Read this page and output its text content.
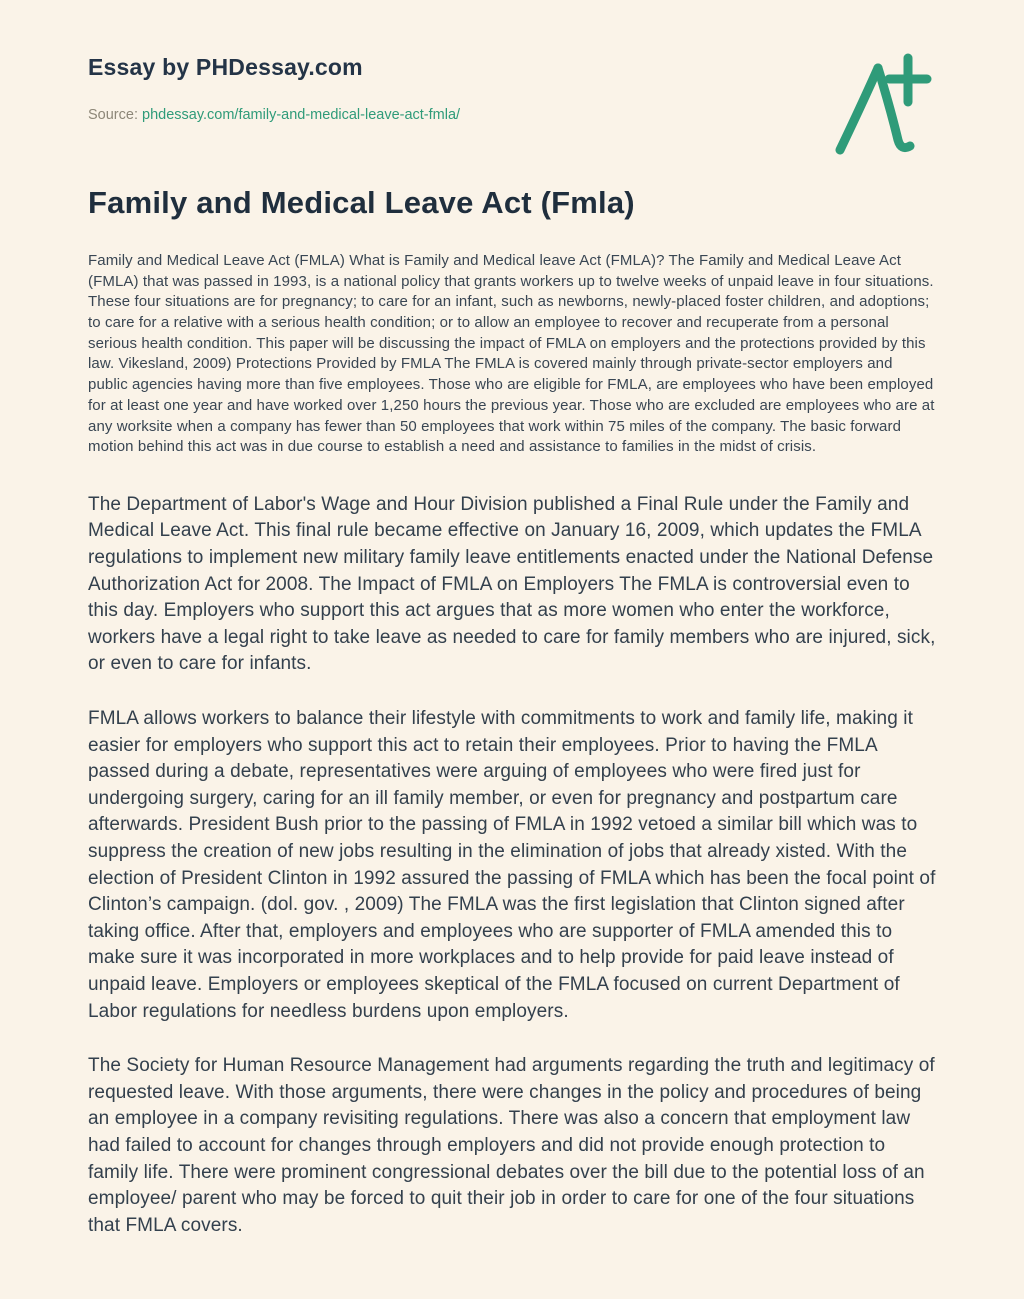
Essay by PHDessay.com
Source: phdessay.com/family-and-medical-leave-act-fmla/
Family and Medical Leave Act (Fmla)

Family and Medical Leave Act (FMLA) What is Family and Medical leave Act (FMLA)? The Family and Medical Leave Act (FMLA) that was passed in 1993, is a national policy that grants workers up to twelve weeks of unpaid leave in four situations. These four situations are for pregnancy; to care for an infant, such as newborns, newly-placed foster children, and adoptions; to care for a relative with a serious health condition; or to allow an employee to recover and recuperate from a personal serious health condition. This paper will be discussing the impact of FMLA on employers and the protections provided by this law. Vikesland, 2009) Protections Provided by FMLA The FMLA is covered mainly through private-sector employers and public agencies having more than five employees. Those who are eligible for FMLA, are employees who have been employed for at least one year and have worked over 1,250 hours the previous year. Those who are excluded are employees who are at any worksite when a company has fewer than 50 employees that work within 75 miles of the company. The basic forward motion behind this act was in due course to establish a need and assistance to families in the midst of crisis.

The Department of Labor's Wage and Hour Division published a Final Rule under the Family and Medical Leave Act. This final rule became effective on January 16, 2009, which updates the FMLA regulations to implement new military family leave entitlements enacted under the National Defense Authorization Act for 2008. The Impact of FMLA on Employers The FMLA is controversial even to this day. Employers who support this act argues that as more women who enter the workforce, workers have a legal right to take leave as needed to care for family members who are injured, sick, or even to care for infants.

FMLA allows workers to balance their lifestyle with commitments to work and family life, making it easier for employers who support this act to retain their employees. Prior to having the FMLA passed during a debate, representatives were arguing of employees who were fired just for undergoing surgery, caring for an ill family member, or even for pregnancy and postpartum care afterwards. President Bush prior to the passing of FMLA in 1992 vetoed a similar bill which was to suppress the creation of new jobs resulting in the elimination of jobs that already xisted. With the election of President Clinton in 1992 assured the passing of FMLA which has been the focal point of Clinton’s campaign. (dol. gov. , 2009) The FMLA was the first legislation that Clinton signed after taking office. After that, employers and employees who are supporter of FMLA amended this to make sure it was incorporated in more workplaces and to help provide for paid leave instead of unpaid leave. Employers or employees skeptical of the FMLA focused on current Department of Labor regulations for needless burdens upon employers.

The Society for Human Resource Management had arguments regarding the truth and legitimacy of requested leave. With those arguments, there were changes in the policy and procedures of being an employee in a company revisiting regulations. There was also a concern that employment law had failed to account for changes through employers and did not provide enough protection to family life. There were prominent congressional debates over the bill due to the potential loss of an employee/ parent who may be forced to quit their job in order to care for one of the four situations that FMLA covers.
